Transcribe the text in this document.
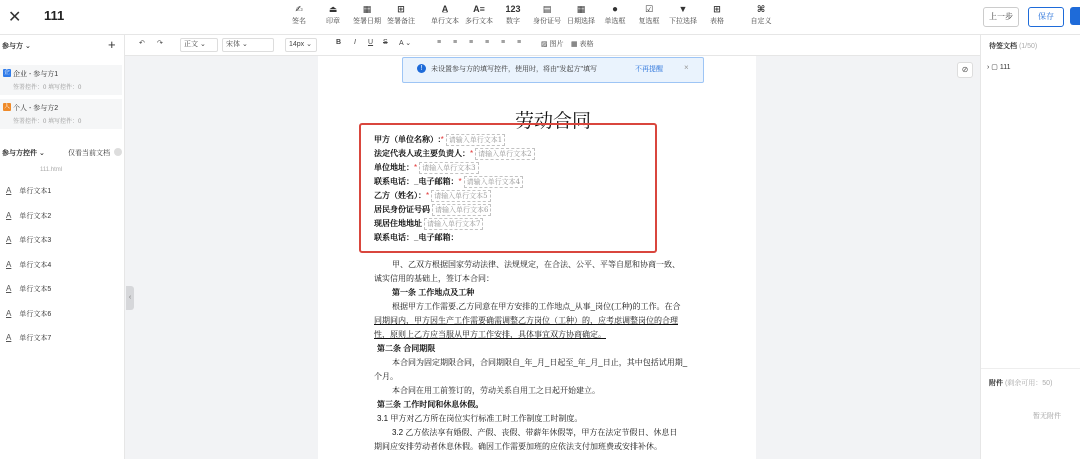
✕ 111	✍
签名
⏏
印章
▦
签署日期
⊞
签署备注
A̲
单行文本
A≡
多行文本
123
数字
▤
身份证号
▦
日期选择
●
单选框
☑
复选框
▼
下拉选择
⊞
表格
⌘
自定义
上一步	保存
参与方 ⌄	+
企 企业 - 参与方1
签署控件：0 填写控件：0
人 个人 - 参与方2
签署控件：0 填写控件：0
参与方控件 ⌄	仅看当前文档
111.html
A 单行文本1
A 单行文本2
A 单行文本3
A 单行文本4
A 单行文本5
A 单行文本6
A 单行文本7
‹
↶ ↷	正文 ⌄	宋体 ⌄	14px ⌄	B I U S A ⌄	≡ ≡ ≡ ≡ ≡ ≡	▨ 图片 ▦ 表格
!	未设置参与方的填写控件，使用时，将由"发起方"填写	不再提醒	×
劳动合同
甲方（单位名称）:* 请输入单行文本1
法定代表人或主要负责人：* 请输入单行文本2
单位地址：* 请输入单行文本3
联系电话：_电子邮箱：* 请输入单行文本4
乙方（姓名）：* 请输入单行文本5
居民身份证号码 请输入单行文本6
现居住地地址 请输入单行文本7
联系电话：_电子邮箱：
甲、乙双方根据国家劳动法律、法规规定，在合法、公平、平等自愿和协商一致、
诚实信用的基础上，签订本合同：
第一条 工作地点及工种
根据甲方工作需要,乙方同意在甲方安排的工作地点_从事_岗位(工种)的工作。在合
同期间内，甲方因生产工作需要确需调整乙方岗位（工种）的，应考虑调整岗位的合理
性，原则上乙方应当服从甲方工作安排，具体事宜双方协商确定。
第二条 合同期限
本合同为固定期限合同，合同期限自_年_月_日起至_年_月_日止，其中包括试用期_
个月。
本合同在用工前签订的，劳动关系自用工之日起开始建立。
第三条 工作时间和休息休假。
3.1 甲方对乙方所在岗位实行标准工时工作制度工时制度。
3.2 乙方依法享有婚假、产假、丧假、带薪年休假等，甲方在法定节假日、休息日
期间应安排劳动者休息休假。确因工作需要加班的应依法支付加班费或安排补休。
⊘
待签文档 (1/50)
› ▢ 111
附件 (剩余可用：50)
暂无附件
